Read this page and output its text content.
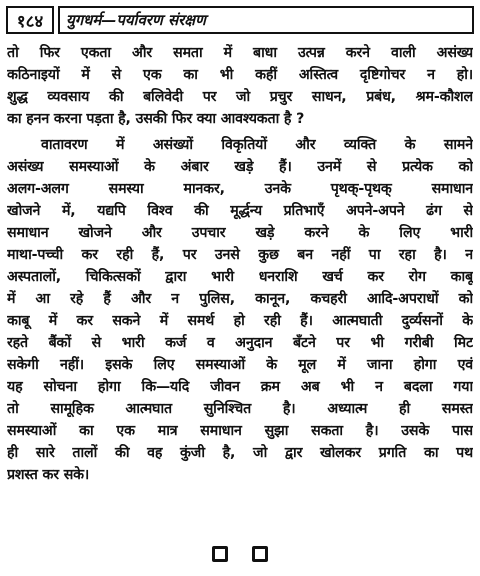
१८४	युगधर्म—पर्यावरण संरक्षण
तो फिर एकता और समता में बाधा उत्पन्न करने वाली असंख्य
कठिनाइयों में से एक का भी कहीं अस्तित्व दृष्टिगोचर न हो।
शुद्ध व्यवसाय की बलिवेदी पर जो प्रचुर साधन, प्रबंध, श्रम-कौशल
का हनन करना पड़ता है, उसकी फिर क्या आवश्यकता है ?
वातावरण में असंख्यों विकृतियों और व्यक्ति के सामने
असंख्य समस्याओं के अंबार खड़े हैं। उनमें से प्रत्येक को
अलग-अलग समस्या मानकर, उनके पृथक्-पृथक् समाधान
खोजने में, यद्यपि विश्व की मूर्द्धन्य प्रतिभाएँ अपने-अपने ढंग से
समाधान खोजने और उपचार खड़े करने के लिए भारी
माथा-पच्ची कर रही हैं, पर उनसे कुछ बन नहीं पा रहा है। न
अस्पतालों, चिकित्सकों द्वारा भारी धनराशि खर्च कर रोग काबू
में आ रहे हैं और न पुलिस, कानून, कचहरी आदि-अपराधों को
काबू में कर सकने में समर्थ हो रही हैं। आत्मघाती दुर्व्यसनों के
रहते बैंकों से भारी कर्ज व अनुदान बँटने पर भी गरीबी मिट
सकेगी नहीं। इसके लिए समस्याओं के मूल में जाना होगा एवं
यह सोचना होगा कि—यदि जीवन क्रम अब भी न बदला गया
तो सामूहिक आत्मघात सुनिश्चित है। अध्यात्म ही समस्त
समस्याओं का एक मात्र समाधान सुझा सकता है। उसके पास
ही सारे तालों की वह कुंजी है, जो द्वार खोलकर प्रगति का पथ
प्रशस्त कर सके।
